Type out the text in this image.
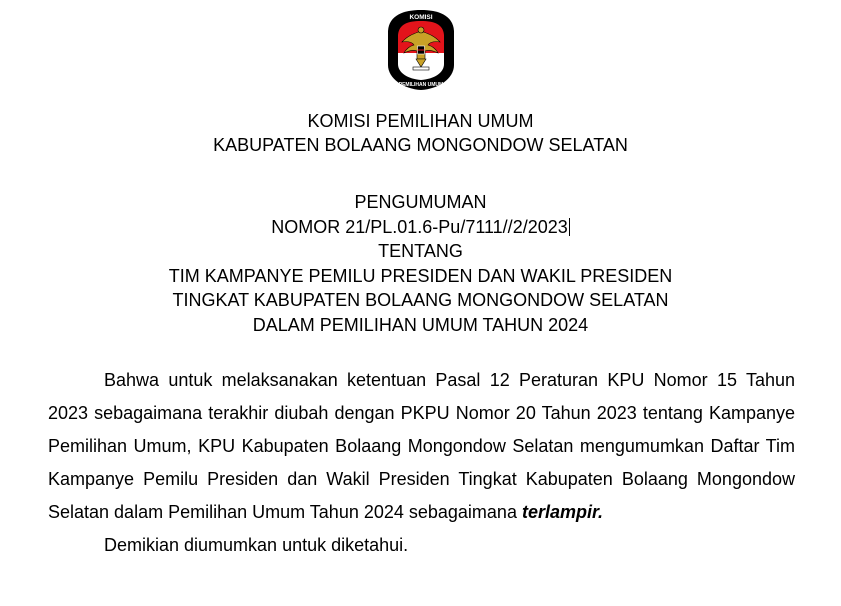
KOMISI
PEMILIHAN UMUM
KOMISI PEMILIHAN UMUM
KABUPATEN BOLAANG MONGONDOW SELATAN
PENGUMUMAN
NOMOR 21/PL.01.6-Pu/7111//2/2023
TENTANG
TIM KAMPANYE PEMILU PRESIDEN DAN WAKIL PRESIDEN
TINGKAT KABUPATEN BOLAANG MONGONDOW SELATAN
DALAM PEMILIHAN UMUM TAHUN 2024

Bahwa untuk melaksanakan ketentuan Pasal 12 Peraturan KPU Nomor 15 Tahun 2023 sebagaimana terakhir diubah dengan PKPU Nomor 20 Tahun 2023 tentang Kampanye Pemilihan Umum, KPU Kabupaten Bolaang Mongondow Selatan mengumumkan Daftar Tim Kampanye Pemilu Presiden dan Wakil Presiden Tingkat Kabupaten Bolaang Mongondow Selatan dalam Pemilihan Umum Tahun 2024 sebagaimana terlampir.

Demikian diumumkan untuk diketahui.
